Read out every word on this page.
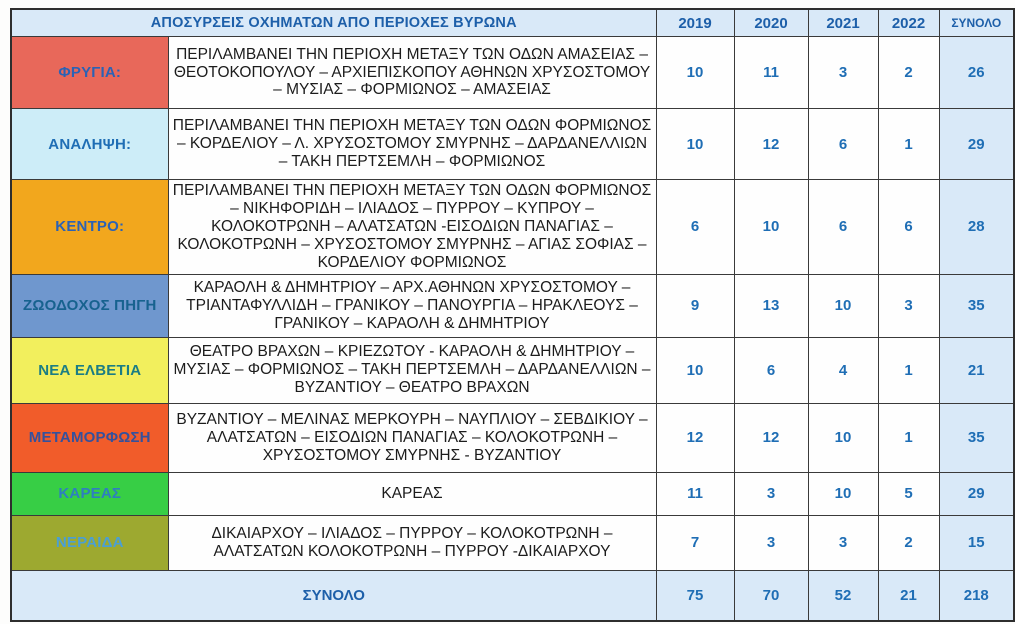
ΑΠΟΣΥΡΣΕΙΣ ΟΧΗΜΑΤΩΝ ΑΠΟ ΠΕΡΙΟΧΕΣ ΒΥΡΩΝΑ		2019	2020	2021	2022	ΣΥΝΟΛΟ
ΦΡΥΓΙΑ:	ΠΕΡΙΛΑΜΒΑΝΕΙ ΤΗΝ ΠΕΡΙΟΧΗ ΜΕΤΑΞΥ ΤΩΝ ΟΔΩΝ ΑΜΑΣΕΙΑΣ – ΘΕΟΤΟΚΟΠΟΥΛΟΥ – ΑΡΧΙΕΠΙΣΚΟΠΟΥ ΑΘΗΝΩΝ ΧΡΥΣΟΣΤΟΜΟΥ – ΜΥΣΙΑΣ – ΦΟΡΜΙΩΝΟΣ – ΑΜΑΣΕΙΑΣ	10	11	3	2	26
ΑΝΑΛΗΨΗ:	ΠΕΡΙΛΑΜΒΑΝΕΙ ΤΗΝ ΠΕΡΙΟΧΗ ΜΕΤΑΞΥ ΤΩΝ ΟΔΩΝ ΦΟΡΜΙΩΝΟΣ – ΚΟΡΔΕΛΙΟΥ – Λ. ΧΡΥΣΟΣΤΟΜΟΥ ΣΜΥΡΝΗΣ – ΔΑΡΔΑΝΕΛΛΙΩΝ – ΤΑΚΗ ΠΕΡΤΣΕΜΛΗ – ΦΟΡΜΙΩΝΟΣ	10	12	6	1	29
ΚΕΝΤΡΟ:	ΠΕΡΙΛΑΜΒΑΝΕΙ ΤΗΝ ΠΕΡΙΟΧΗ ΜΕΤΑΞΥ ΤΩΝ ΟΔΩΝ ΦΟΡΜΙΩΝΟΣ – ΝΙΚΗΦΟΡΙΔΗ – ΙΛΙΑΔΟΣ – ΠΥΡΡΟΥ – ΚΥΠΡΟΥ – ΚΟΛΟΚΟΤΡΩΝΗ – ΑΛΑΤΣΑΤΩΝ -ΕΙΣΟΔΙΩΝ ΠΑΝΑΓΙΑΣ – ΚΟΛΟΚΟΤΡΩΝΗ – ΧΡΥΣΟΣΤΟΜΟΥ ΣΜΥΡΝΗΣ – ΑΓΙΑΣ ΣΟΦΙΑΣ – ΚΟΡΔΕΛΙΟΥ ΦΟΡΜΙΩΝΟΣ	6	10	6	6	28
ΖΩΟΔΟΧΟΣ ΠΗΓΗ	ΚΑΡΑΟΛΗ & ΔΗΜΗΤΡΙΟΥ – ΑΡΧ.ΑΘΗΝΩΝ ΧΡΥΣΟΣΤΟΜΟΥ – ΤΡΙΑΝΤΑΦΥΛΛΙΔΗ – ΓΡΑΝΙΚΟΥ – ΠΑΝΟΥΡΓΙΑ – ΗΡΑΚΛΕΟΥΣ – ΓΡΑΝΙΚΟΥ – ΚΑΡΑΟΛΗ & ΔΗΜΗΤΡΙΟΥ	9	13	10	3	35
ΝΕΑ ΕΛΒΕΤΙΑ	ΘΕΑΤΡΟ ΒΡΑΧΩΝ – ΚΡΙΕΖΩΤΟΥ - ΚΑΡΑΟΛΗ & ΔΗΜΗΤΡΙΟΥ – ΜΥΣΙΑΣ – ΦΟΡΜΙΩΝΟΣ – ΤΑΚΗ ΠΕΡΤΣΕΜΛΗ – ΔΑΡΔΑΝΕΛΛΙΩΝ – ΒΥΖΑΝΤΙΟΥ – ΘΕΑΤΡΟ ΒΡΑΧΩΝ	10	6	4	1	21
ΜΕΤΑΜΟΡΦΩΣΗ	ΒΥΖΑΝΤΙΟΥ – ΜΕΛΙΝΑΣ ΜΕΡΚΟΥΡΗ – ΝΑΥΠΛΙΟΥ – ΣΕΒΔΙΚΙΟΥ – ΑΛΑΤΣΑΤΩΝ – ΕΙΣΟΔΙΩΝ ΠΑΝΑΓΙΑΣ – ΚΟΛΟΚΟΤΡΩΝΗ – ΧΡΥΣΟΣΤΟΜΟΥ ΣΜΥΡΝΗΣ - ΒΥΖΑΝΤΙΟΥ	12	12	10	1	35
ΚΑΡΕΑΣ	ΚΑΡΕΑΣ	11	3	10	5	29
ΝΕΡΑΙΔΑ	ΔΙΚΑΙΑΡΧΟΥ – ΙΛΙΑΔΟΣ – ΠΥΡΡΟΥ – ΚΟΛΟΚΟΤΡΩΝΗ – ΑΛΑΤΣΑΤΩΝ ΚΟΛΟΚΟΤΡΩΝΗ – ΠΥΡΡΟΥ -ΔΙΚΑΙΑΡΧΟΥ	7	3	3	2	15
ΣΥΝΟΛΟ		75	70	52	21	218
